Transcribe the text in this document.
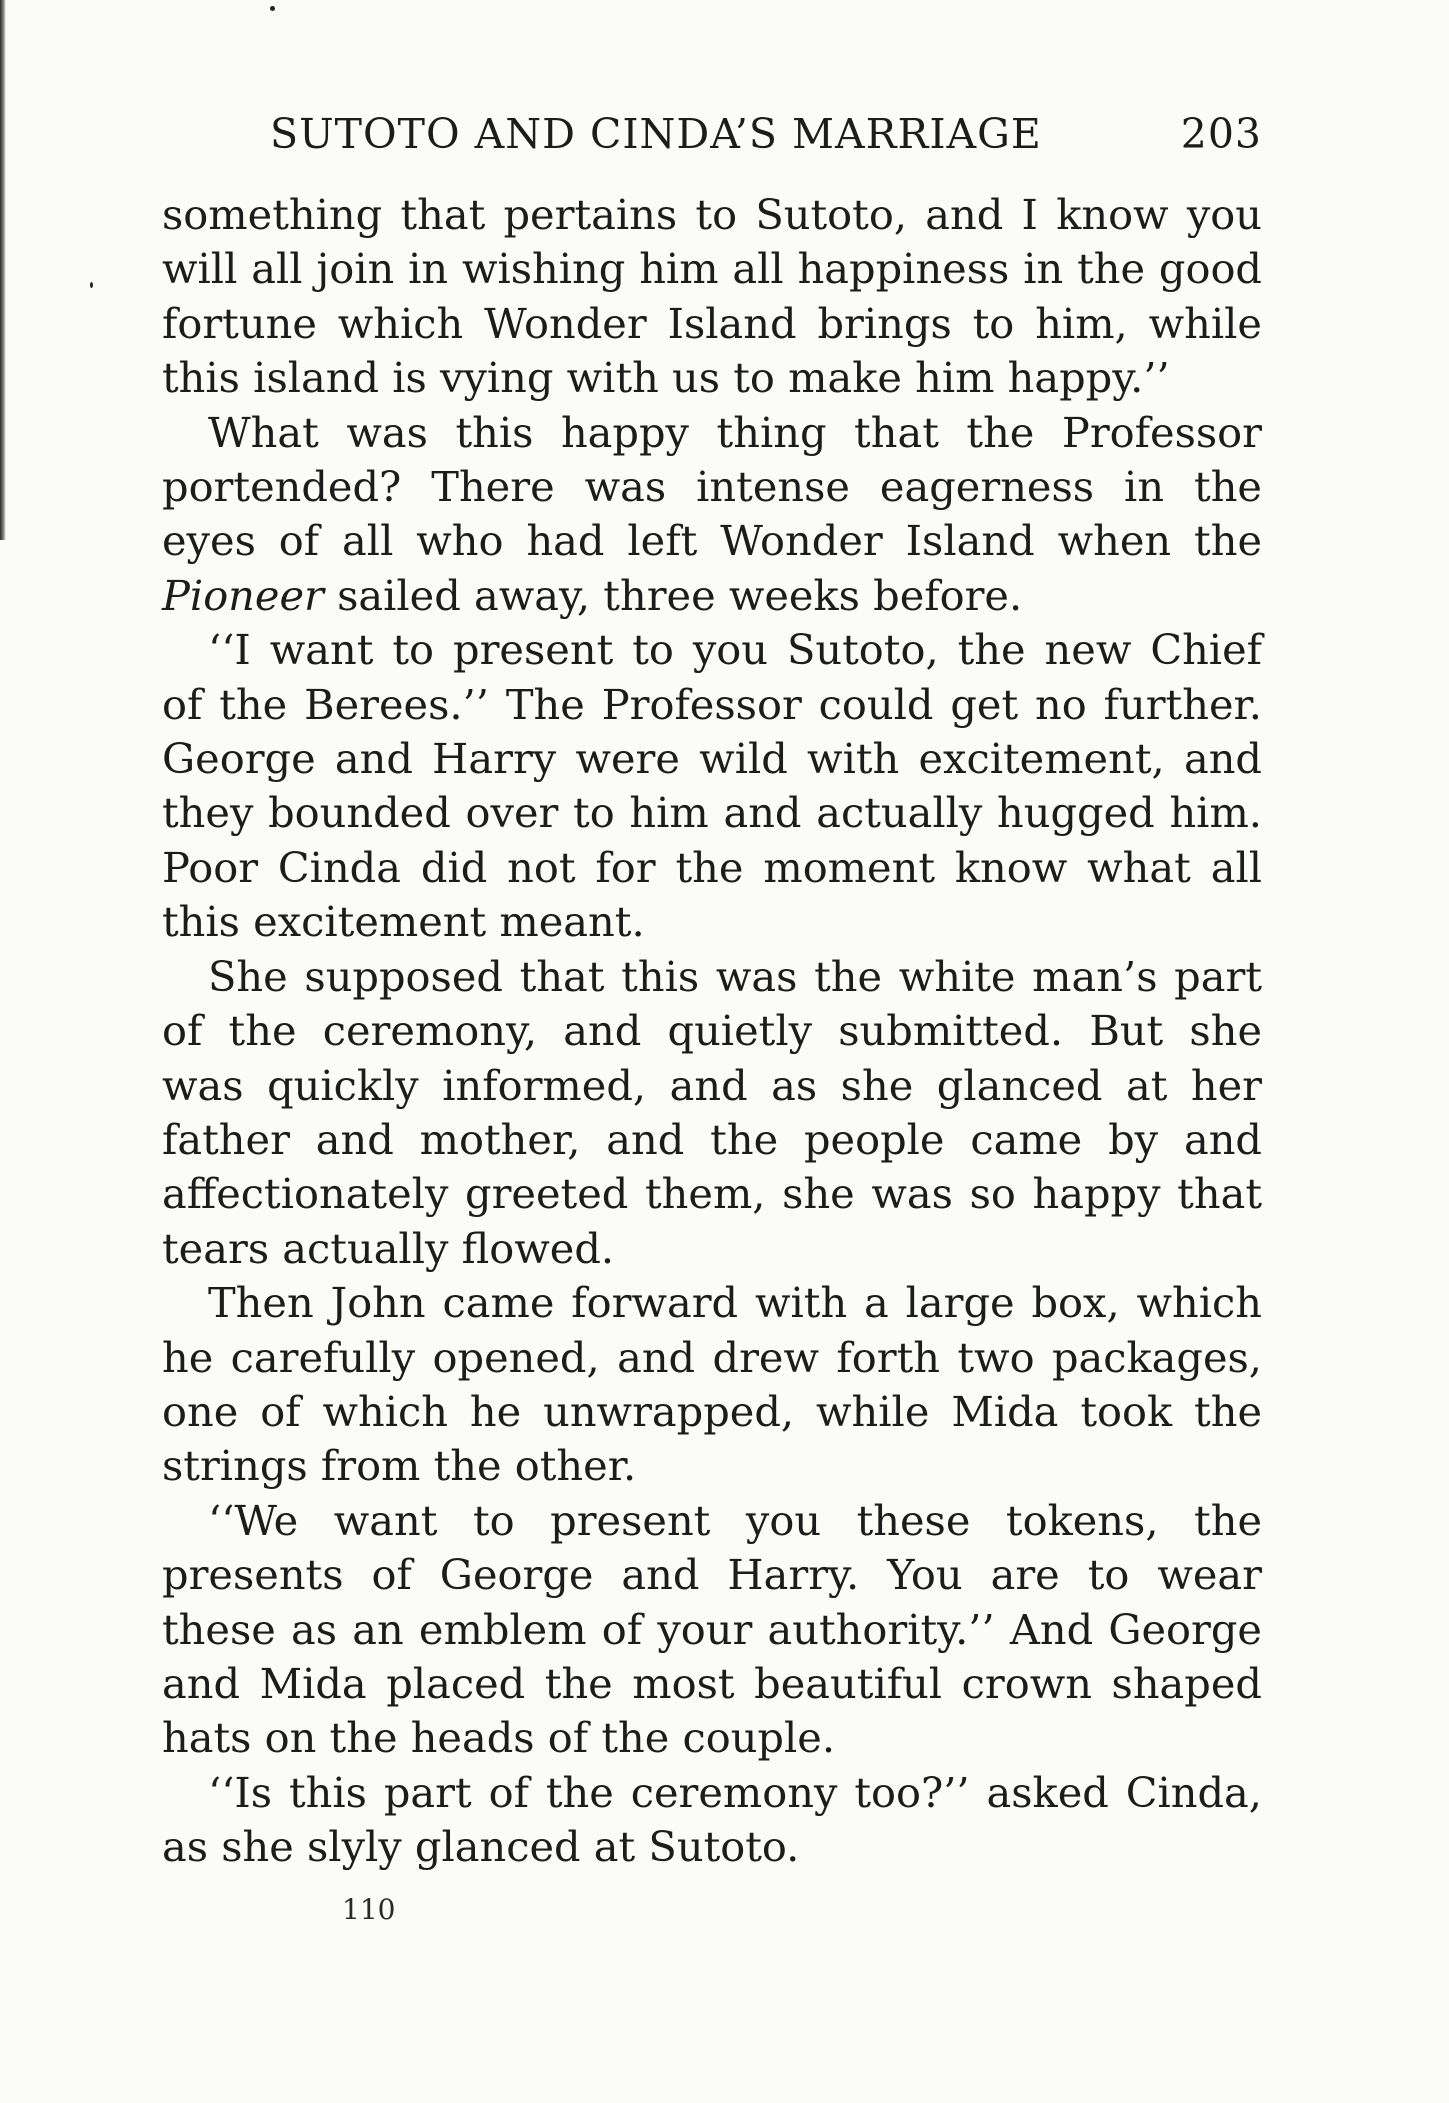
SUTOTO AND CINDA’S MARRIAGE	203

something that pertains to Sutoto, and I know you will all join in wishing him all happiness in the good fortune which Wonder Island brings to him, while this island is vying with us to make him happy.’’

What was this happy thing that the Professor portended? There was intense eagerness in the eyes of all who had left Wonder Island when the Pioneer sailed away, three weeks before.

‘‘I want to present to you Sutoto, the new Chief of the Berees.’’ The Professor could get no further. George and Harry were wild with excitement, and they bounded over to him and actually hugged him. Poor Cinda did not for the moment know what all this excitement meant.

She supposed that this was the white man’s part of the ceremony, and quietly submitted. But she was quickly informed, and as she glanced at her father and mother, and the people came by and affectionately greeted them, she was so happy that tears actually flowed.

Then John came forward with a large box, which he carefully opened, and drew forth two packages, one of which he unwrapped, while Mida took the strings from the other.

‘‘We want to present you these tokens, the presents of George and Harry. You are to wear these as an emblem of your authority.’’ And George and Mida placed the most beautiful crown shaped hats on the heads of the couple.

‘‘Is this part of the ceremony too?’’ asked Cinda, as she slyly glanced at Sutoto.

110
